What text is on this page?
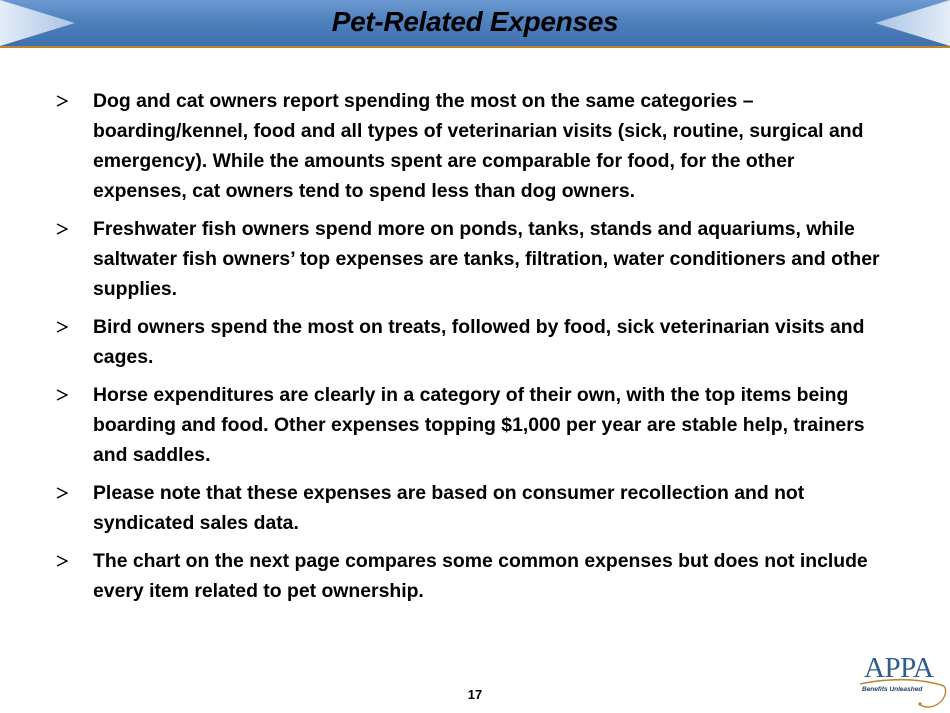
Pet-Related Expenses
Dog and cat owners report spending the most on the same categories – boarding/kennel, food and all types of veterinarian visits (sick, routine, surgical and emergency). While the amounts spent are comparable for food, for the other expenses, cat owners tend to spend less than dog owners.
Freshwater fish owners spend more on ponds, tanks, stands and aquariums, while saltwater fish owners’ top expenses are tanks, filtration, water conditioners and other supplies.
Bird owners spend the most on treats, followed by food, sick veterinarian visits and cages.
Horse expenditures are clearly in a category of their own, with the top items being boarding and food. Other expenses topping $1,000 per year are stable help, trainers and saddles.
Please note that these expenses are based on consumer recollection and not syndicated sales data.
The chart on the next page compares some common expenses but does not include every item related to pet ownership.
17
APPA
Benefits Unleashed
